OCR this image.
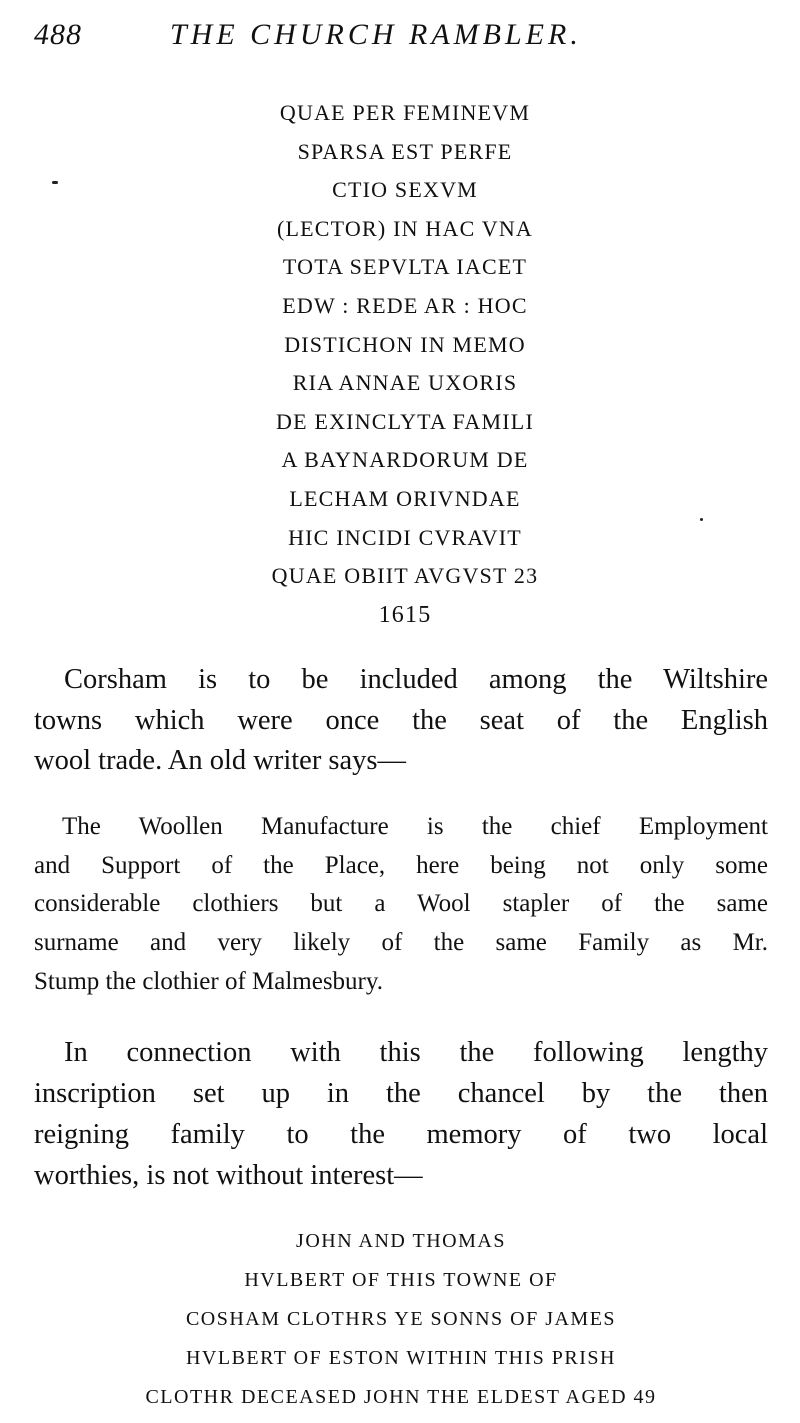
488	THE CHURCH RAMBLER.
QUAE PER FEMINEVM
SPARSA EST PERFE
CTIO SEXVM
(LECTOR) IN HAC VNA
TOTA SEPVLTA IACET
EDW : REDE AR : HOC
DISTICHON IN MEMO
RIA ANNAE UXORIS
DE EXINCLYTA FAMILI
A BAYNARDORUM DE
LECHAM ORIVNDAE
HIC INCIDI CVRAVIT
QUAE OBIIT AVGVST 23
1615
Corsham is to be included among the Wiltshire
towns which were once the seat of the English
wool trade. An old writer says—
The Woollen Manufacture is the chief Employment
and Support of the Place, here being not only some
considerable clothiers but a Wool stapler of the same
surname and very likely of the same Family as Mr.
Stump the clothier of Malmesbury.
In connection with this the following lengthy
inscription set up in the chancel by the then
reigning family to the memory of two local
worthies, is not without interest—
JOHN AND THOMAS
HVLBERT OF THIS TOWNE OF
COSHAM CLOTHRS YE SONNS OF JAMES
HVLBERT OF ESTON WITHIN THIS PRISH
CLOTHR DECEASED JOHN THE ELDEST AGED 49
